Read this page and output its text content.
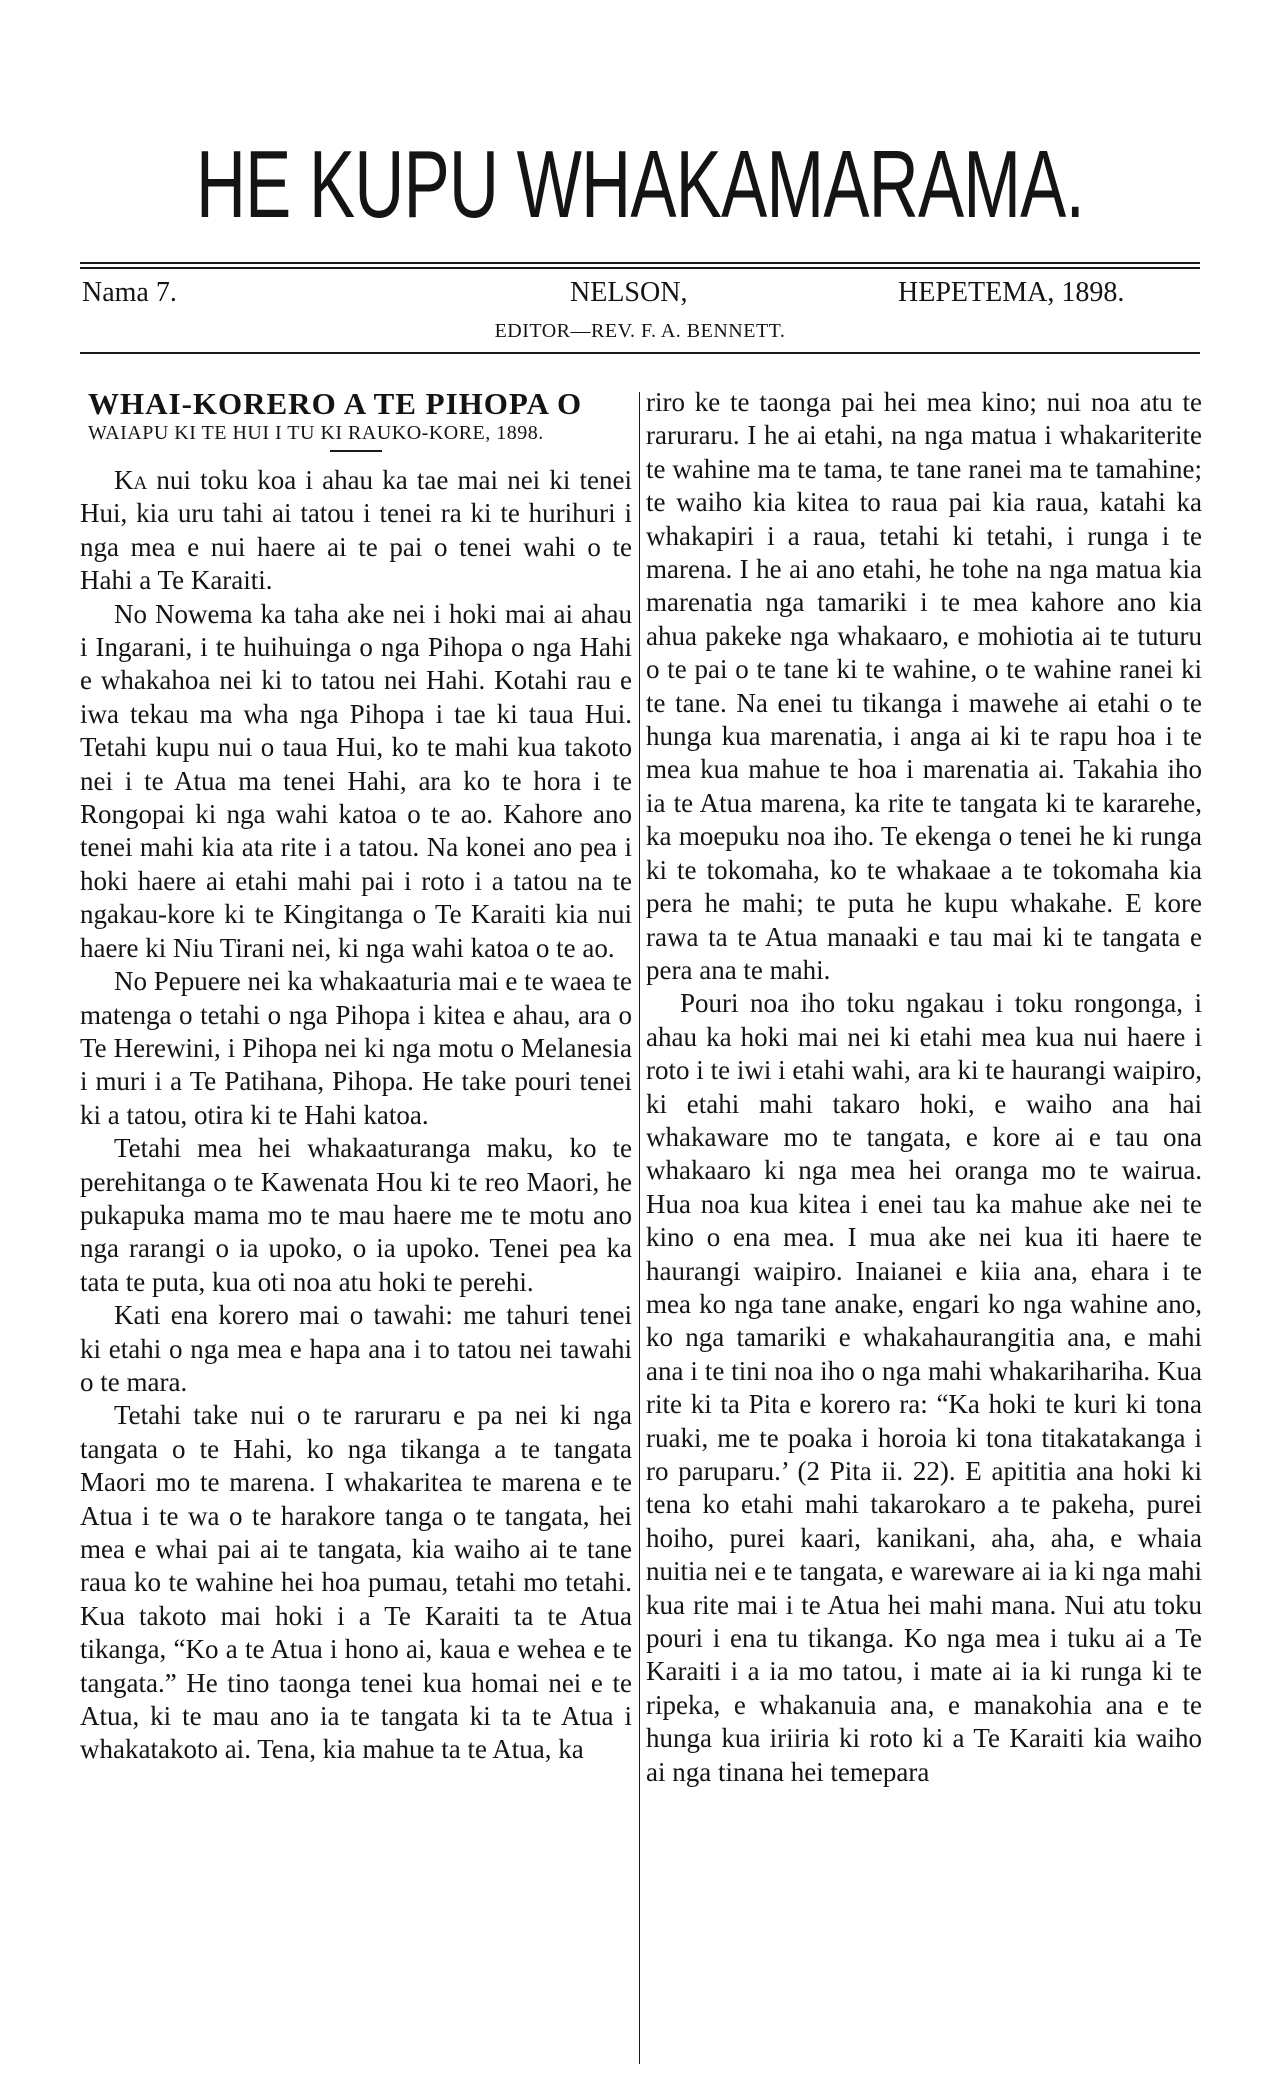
HE KUPU WHAKAMARAMA.
Nama 7.	NELSON,	HEPETEMA, 1898.
EDITOR—REV. F. A. BENNETT.
WHAI-KORERO A TE PIHOPA O
WAIAPU KI TE HUI I TU KI RAUKO-KORE, 1898.

Ka nui toku koa i ahau ka tae mai nei ki tenei Hui, kia uru tahi ai tatou i tenei ra ki te hurihuri i nga mea e nui haere ai te pai o tenei wahi o te Hahi a Te Karaiti.

No Nowema ka taha ake nei i hoki mai ai ahau i Ingarani, i te huihuinga o nga Pihopa o nga Hahi e whakahoa nei ki to tatou nei Hahi. Kotahi rau e iwa tekau ma wha nga Pihopa i tae ki taua Hui. Tetahi kupu nui o taua Hui, ko te mahi kua takoto nei i te Atua ma tenei Hahi, ara ko te hora i te Rongopai ki nga wahi katoa o te ao. Kahore ano tenei mahi kia ata rite i a tatou. Na konei ano pea i hoki haere ai etahi mahi pai i roto i a tatou na te ngakau-kore ki te Kingitanga o Te Karaiti kia nui haere ki Niu Tirani nei, ki nga wahi katoa o te ao.

No Pepuere nei ka whakaaturia mai e te waea te matenga o tetahi o nga Pihopa i kitea e ahau, ara o Te Herewini, i Pihopa nei ki nga motu o Melanesia i muri i a Te Patihana, Pihopa. He take pouri tenei ki a tatou, otira ki te Hahi katoa.

Tetahi mea hei whakaaturanga maku, ko te perehitanga o te Kawenata Hou ki te reo Maori, he pukapuka mama mo te mau haere me te motu ano nga rarangi o ia upoko, o ia upoko. Tenei pea ka tata te puta, kua oti noa atu hoki te perehi.

Kati ena korero mai o tawahi: me tahuri tenei ki etahi o nga mea e hapa ana i to tatou nei tawahi o te mara.

Tetahi take nui o te raruraru e pa nei ki nga tangata o te Hahi, ko nga tikanga a te tangata Maori mo te marena. I whakaritea te marena e te Atua i te wa o te harakore tanga o te tangata, hei mea e whai pai ai te tangata, kia waiho ai te tane raua ko te wahine hei hoa pumau, tetahi mo tetahi. Kua takoto mai hoki i a Te Karaiti ta te Atua tikanga, “Ko a te Atua i hono ai, kaua e wehea e te tangata.” He tino taonga tenei kua homai nei e te Atua, ki te mau ano ia te tangata ki ta te Atua i whakatakoto ai. Tena, kia mahue ta te Atua, ka

riro ke te taonga pai hei mea kino; nui noa atu te raruraru. I he ai etahi, na nga matua i whakariterite te wahine ma te tama, te tane ranei ma te tamahine; te waiho kia kitea to raua pai kia raua, katahi ka whakapiri i a raua, tetahi ki tetahi, i runga i te marena. I he ai ano etahi, he tohe na nga matua kia marenatia nga tamariki i te mea kahore ano kia ahua pakeke nga whakaaro, e mohiotia ai te tuturu o te pai o te tane ki te wahine, o te wahine ranei ki te tane. Na enei tu tikanga i mawehe ai etahi o te hunga kua marenatia, i anga ai ki te rapu hoa i te mea kua mahue te hoa i marenatia ai. Takahia iho ia te Atua marena, ka rite te tangata ki te kararehe, ka moepuku noa iho. Te ekenga o tenei he ki runga ki te tokomaha, ko te whakaae a te tokomaha kia pera he mahi; te puta he kupu whakahe. E kore rawa ta te Atua manaaki e tau mai ki te tangata e pera ana te mahi.

Pouri noa iho toku ngakau i toku rongonga, i ahau ka hoki mai nei ki etahi mea kua nui haere i roto i te iwi i etahi wahi, ara ki te haurangi waipiro, ki etahi mahi takaro hoki, e waiho ana hai whakaware mo te tangata, e kore ai e tau ona whakaaro ki nga mea hei oranga mo te wairua. Hua noa kua kitea i enei tau ka mahue ake nei te kino o ena mea. I mua ake nei kua iti haere te haurangi waipiro. Inaianei e kiia ana, ehara i te mea ko nga tane anake, engari ko nga wahine ano, ko nga tamariki e whakahaurangitia ana, e mahi ana i te tini noa iho o nga mahi whakarihariha. Kua rite ki ta Pita e korero ra: “Ka hoki te kuri ki tona ruaki, me te poaka i horoia ki tona titakatakanga i ro paruparu.’ (2 Pita ii. 22). E apititia ana hoki ki tena ko etahi mahi takarokaro a te pakeha, purei hoiho, purei kaari, kanikani, aha, aha, e whaia nuitia nei e te tangata, e wareware ai ia ki nga mahi kua rite mai i te Atua hei mahi mana. Nui atu toku pouri i ena tu tikanga. Ko nga mea i tuku ai a Te Karaiti i a ia mo tatou, i mate ai ia ki runga ki te ripeka, e whakanuia ana, e manakohia ana e te hunga kua iriiria ki roto ki a Te Karaiti kia waiho ai nga tinana hei temepara
